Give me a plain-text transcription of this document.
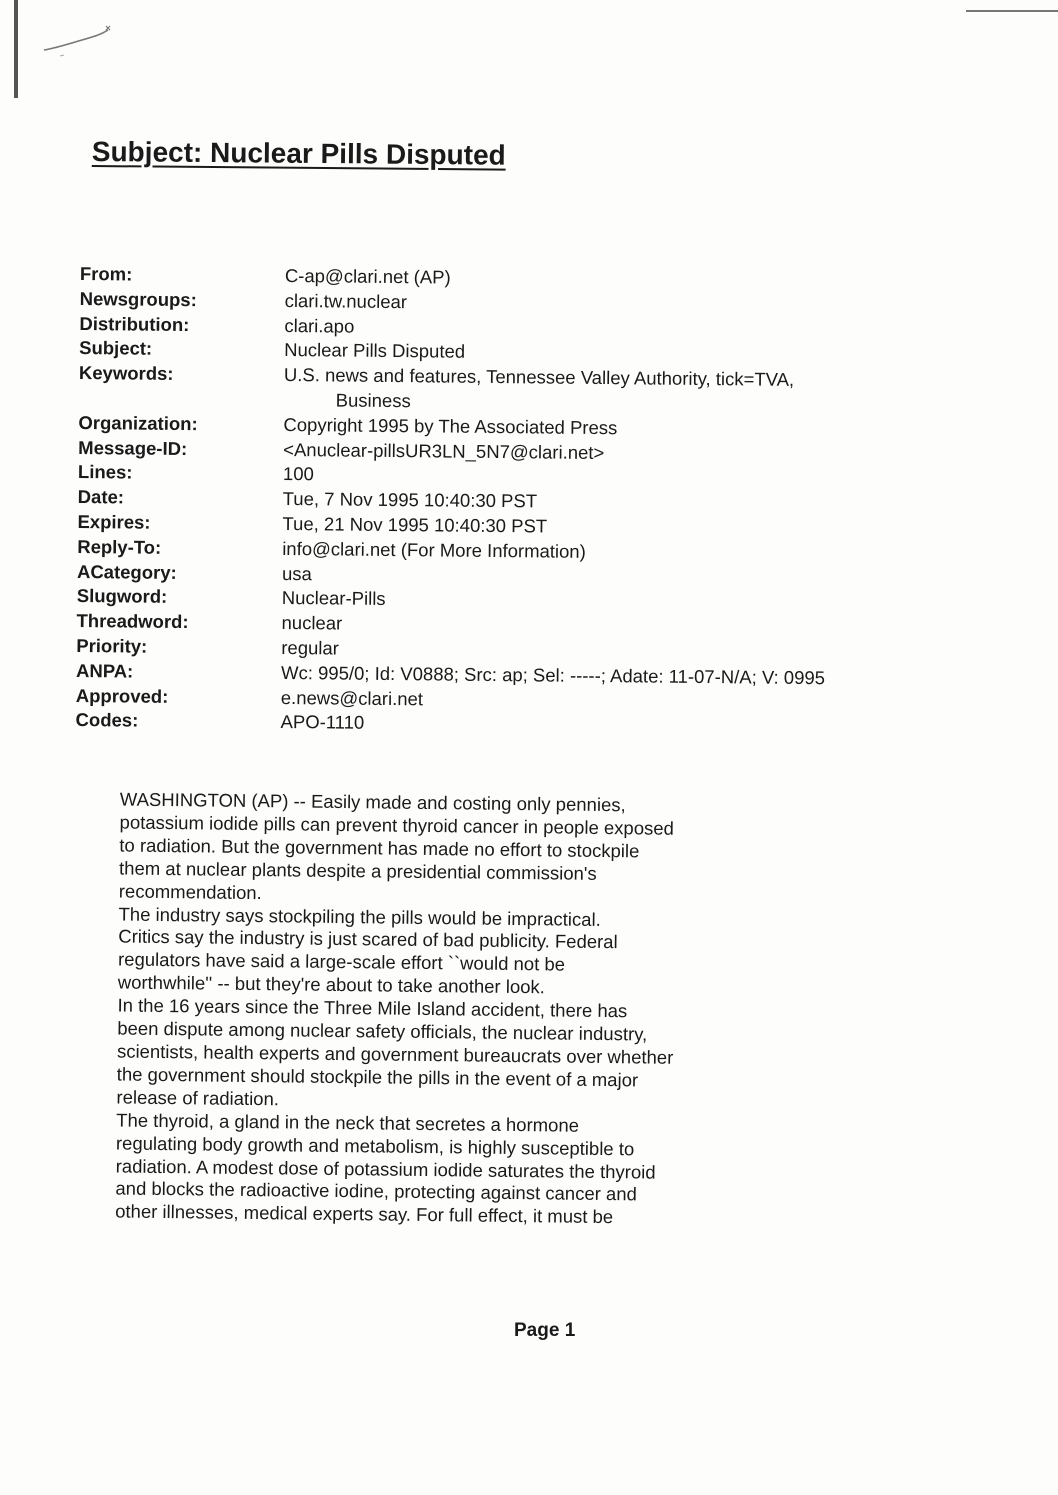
Subject: Nuclear Pills Disputed
From:	C-ap@clari.net (AP)
Newsgroups:	clari.tw.nuclear
Distribution:	clari.apo
Subject:	Nuclear Pills Disputed
Keywords:	U.S. news and features, Tennessee Valley Authority, tick=TVA,
Business
Organization:	Copyright 1995 by The Associated Press
Message-ID:	<Anuclear-pillsUR3LN_5N7@clari.net>
Lines:	100
Date:	Tue, 7 Nov 1995 10:40:30 PST
Expires:	Tue, 21 Nov 1995 10:40:30 PST
Reply-To:	info@clari.net (For More Information)
ACategory:	usa
Slugword:	Nuclear-Pills
Threadword:	nuclear
Priority:	regular
ANPA:	Wc: 995/0; Id: V0888; Src: ap; Sel: -----; Adate: 11-07-N/A; V: 0995
Approved:	e.news@clari.net
Codes:	APO-1110

WASHINGTON (AP) -- Easily made and costing only pennies,
potassium iodide pills can prevent thyroid cancer in people exposed
to radiation. But the government has made no effort to stockpile
them at nuclear plants despite a presidential commission's
recommendation.

The industry says stockpiling the pills would be impractical.
Critics say the industry is just scared of bad publicity. Federal
regulators have said a large-scale effort ``would not be
worthwhile'' -- but they're about to take another look.

In the 16 years since the Three Mile Island accident, there has
been dispute among nuclear safety officials, the nuclear industry,
scientists, health experts and government bureaucrats over whether
the government should stockpile the pills in the event of a major
release of radiation.

The thyroid, a gland in the neck that secretes a hormone
regulating body growth and metabolism, is highly susceptible to
radiation. A modest dose of potassium iodide saturates the thyroid
and blocks the radioactive iodine, protecting against cancer and
other illnesses, medical experts say. For full effect, it must be

Page 1
